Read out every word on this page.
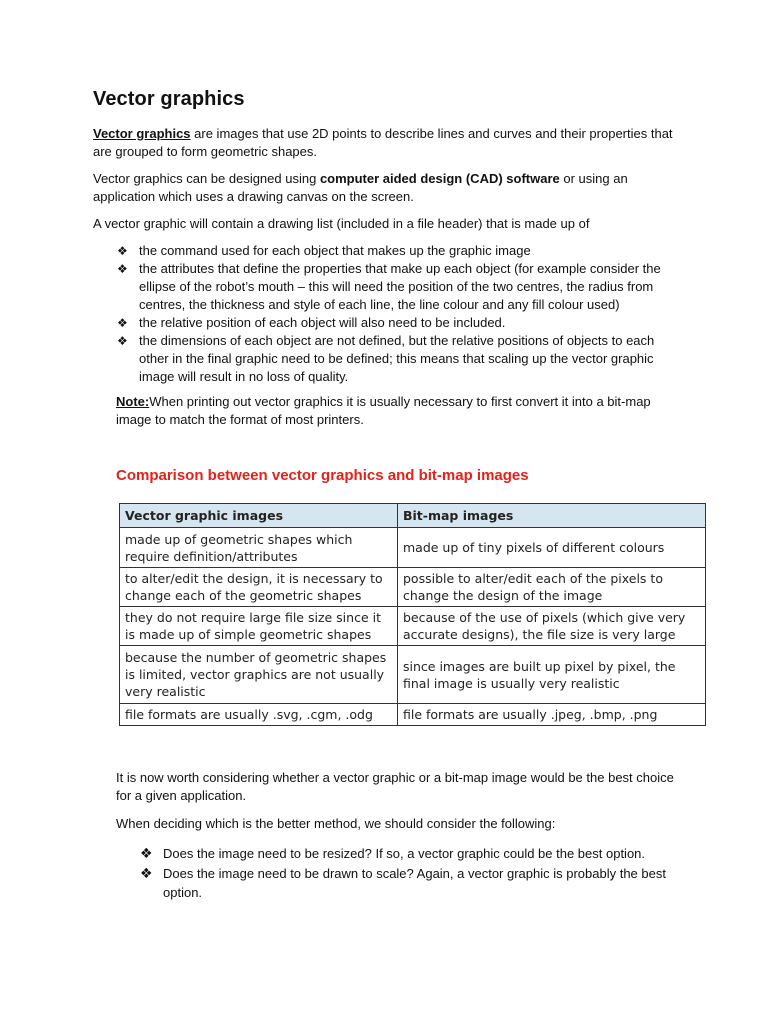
Vector graphics

Vector graphics are images that use 2D points to describe lines and curves and their properties that are grouped to form geometric shapes.

Vector graphics can be designed using computer aided design (CAD) software or using an application which uses a drawing canvas on the screen.

A vector graphic will contain a drawing list (included in a file header) that is made up of

❖ the command used for each object that makes up the graphic image
❖ the attributes that define the properties that make up each object (for example consider the ellipse of the robot’s mouth – this will need the position of the two centres, the radius from centres, the thickness and style of each line, the line colour and any fill colour used)
❖ the relative position of each object will also need to be included.
❖ the dimensions of each object are not defined, but the relative positions of objects to each other in the final graphic need to be defined; this means that scaling up the vector graphic image will result in no loss of quality.

Note:When printing out vector graphics it is usually necessary to first convert it into a bit-map image to match the format of most printers.

Comparison between vector graphics and bit-map images
Vector graphic images	Bit-map images
made up of geometric shapes which require definition/attributes	made up of tiny pixels of different colours
to alter/edit the design, it is necessary to change each of the geometric shapes	possible to alter/edit each of the pixels to change the design of the image
they do not require large file size since it is made up of simple geometric shapes	because of the use of pixels (which give very accurate designs), the file size is very large
because the number of geometric shapes is limited, vector graphics are not usually very realistic	since images are built up pixel by pixel, the final image is usually very realistic
file formats are usually .svg, .cgm, .odg	file formats are usually .jpeg, .bmp, .png

It is now worth considering whether a vector graphic or a bit-map image would be the best choice for a given application.

When deciding which is the better method, we should consider the following:

❖ Does the image need to be resized? If so, a vector graphic could be the best option.
❖ Does the image need to be drawn to scale? Again, a vector graphic is probably the best option.
